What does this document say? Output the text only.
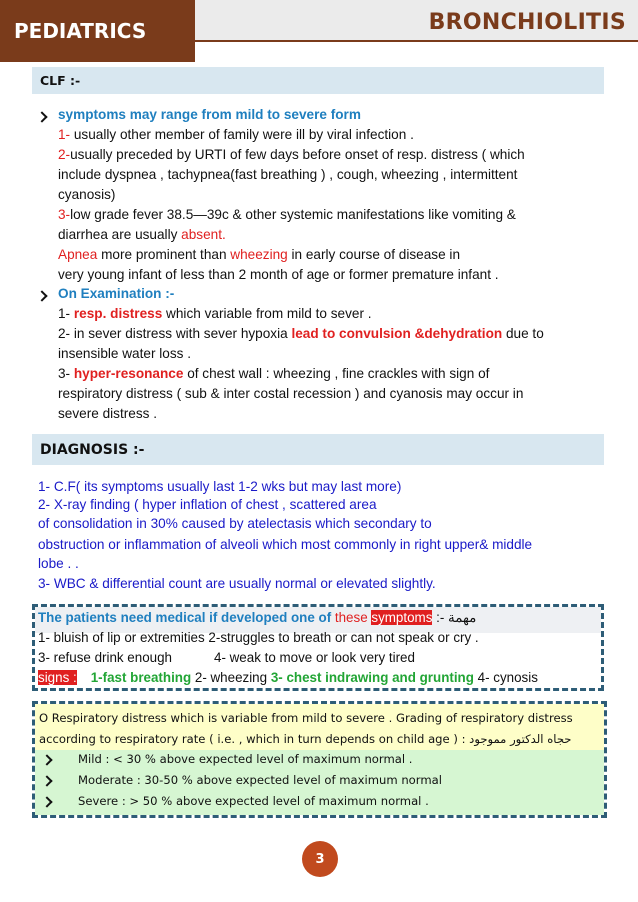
PEDIATRICS	BRONCHIOLITIS
CLF :-
symptoms may range from mild to severe form
1- usually other member of family were ill by viral infection .
2-usually preceded by URTI of few days before onset of resp. distress ( which
include dyspnea , tachypnea(fast breathing ) , cough, wheezing , intermittent
cyanosis)
3-low grade fever 38.5—39c & other systemic manifestations like vomiting &
diarrhea are usually absent.
Apnea more prominent than wheezing in early course of disease in
very young infant of less than 2 month of age or former premature infant .
On Examination :-
1- resp. distress which variable from mild to sever .
2- in sever distress with sever hypoxia lead to convulsion &dehydration due to
insensible water loss .
3- hyper-resonance of chest wall : wheezing , fine crackles with sign of
respiratory distress ( sub & inter costal recession ) and cyanosis may occur in
severe distress .
DIAGNOSIS :-
1- C.F( its symptoms usually last 1-2 wks but may last more)
2- X-ray finding ( hyper inflation of chest , scattered area
of consolidation in 30% caused by atelectasis which secondary to
obstruction or inflammation of alveoli which most commonly in right upper& middle
lobe . .
3- WBC & differential count are usually normal or elevated slightly.
The patients need medical if developed one of these symptoms :- مهمة
1- bluish of lip or extremities 2-struggles to breath or can not speak or cry .
3- refuse drink enough	4- weak to move or look very tired
signs : 1-fast breathing 2- wheezing 3- chest indrawing and grunting 4- cynosis
O Respiratory distress which is variable from mild to severe . Grading of respiratory distress
according to respiratory rate ( i.e. , which in turn depends on child age ) : حجاه الدكتور مموجود
Mild : < 30 % above expected level of maximum normal .
Moderate : 30-50 % above expected level of maximum normal
Severe : > 50 % above expected level of maximum normal .
3
